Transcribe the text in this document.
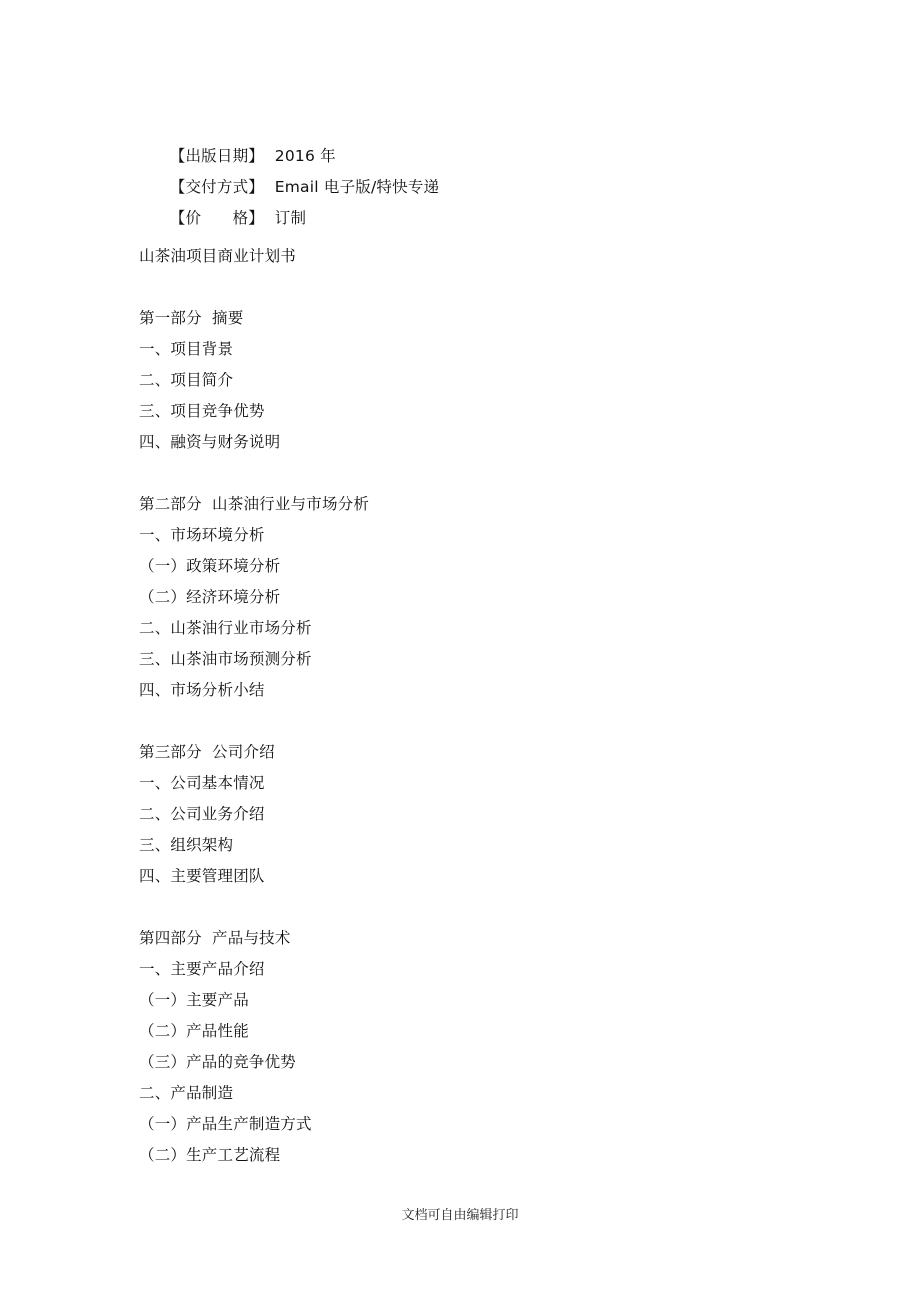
【出版日期】 2016 年

【交付方式】 Email 电子版/特快专递

【价　　格】 订制

山茶油项目商业计划书
第一部分  摘要
一、项目背景
二、项目简介
三、项目竞争优势
四、融资与财务说明
第二部分  山茶油行业与市场分析
一、市场环境分析
（一）政策环境分析
（二）经济环境分析
二、山茶油行业市场分析
三、山茶油市场预测分析
四、市场分析小结
第三部分  公司介绍
一、公司基本情况
二、公司业务介绍
三、组织架构
四、主要管理团队
第四部分  产品与技术
一、主要产品介绍
（一）主要产品
（二）产品性能
（三）产品的竞争优势
二、产品制造
（一）产品生产制造方式
（二）生产工艺流程
文档可自由编辑打印
